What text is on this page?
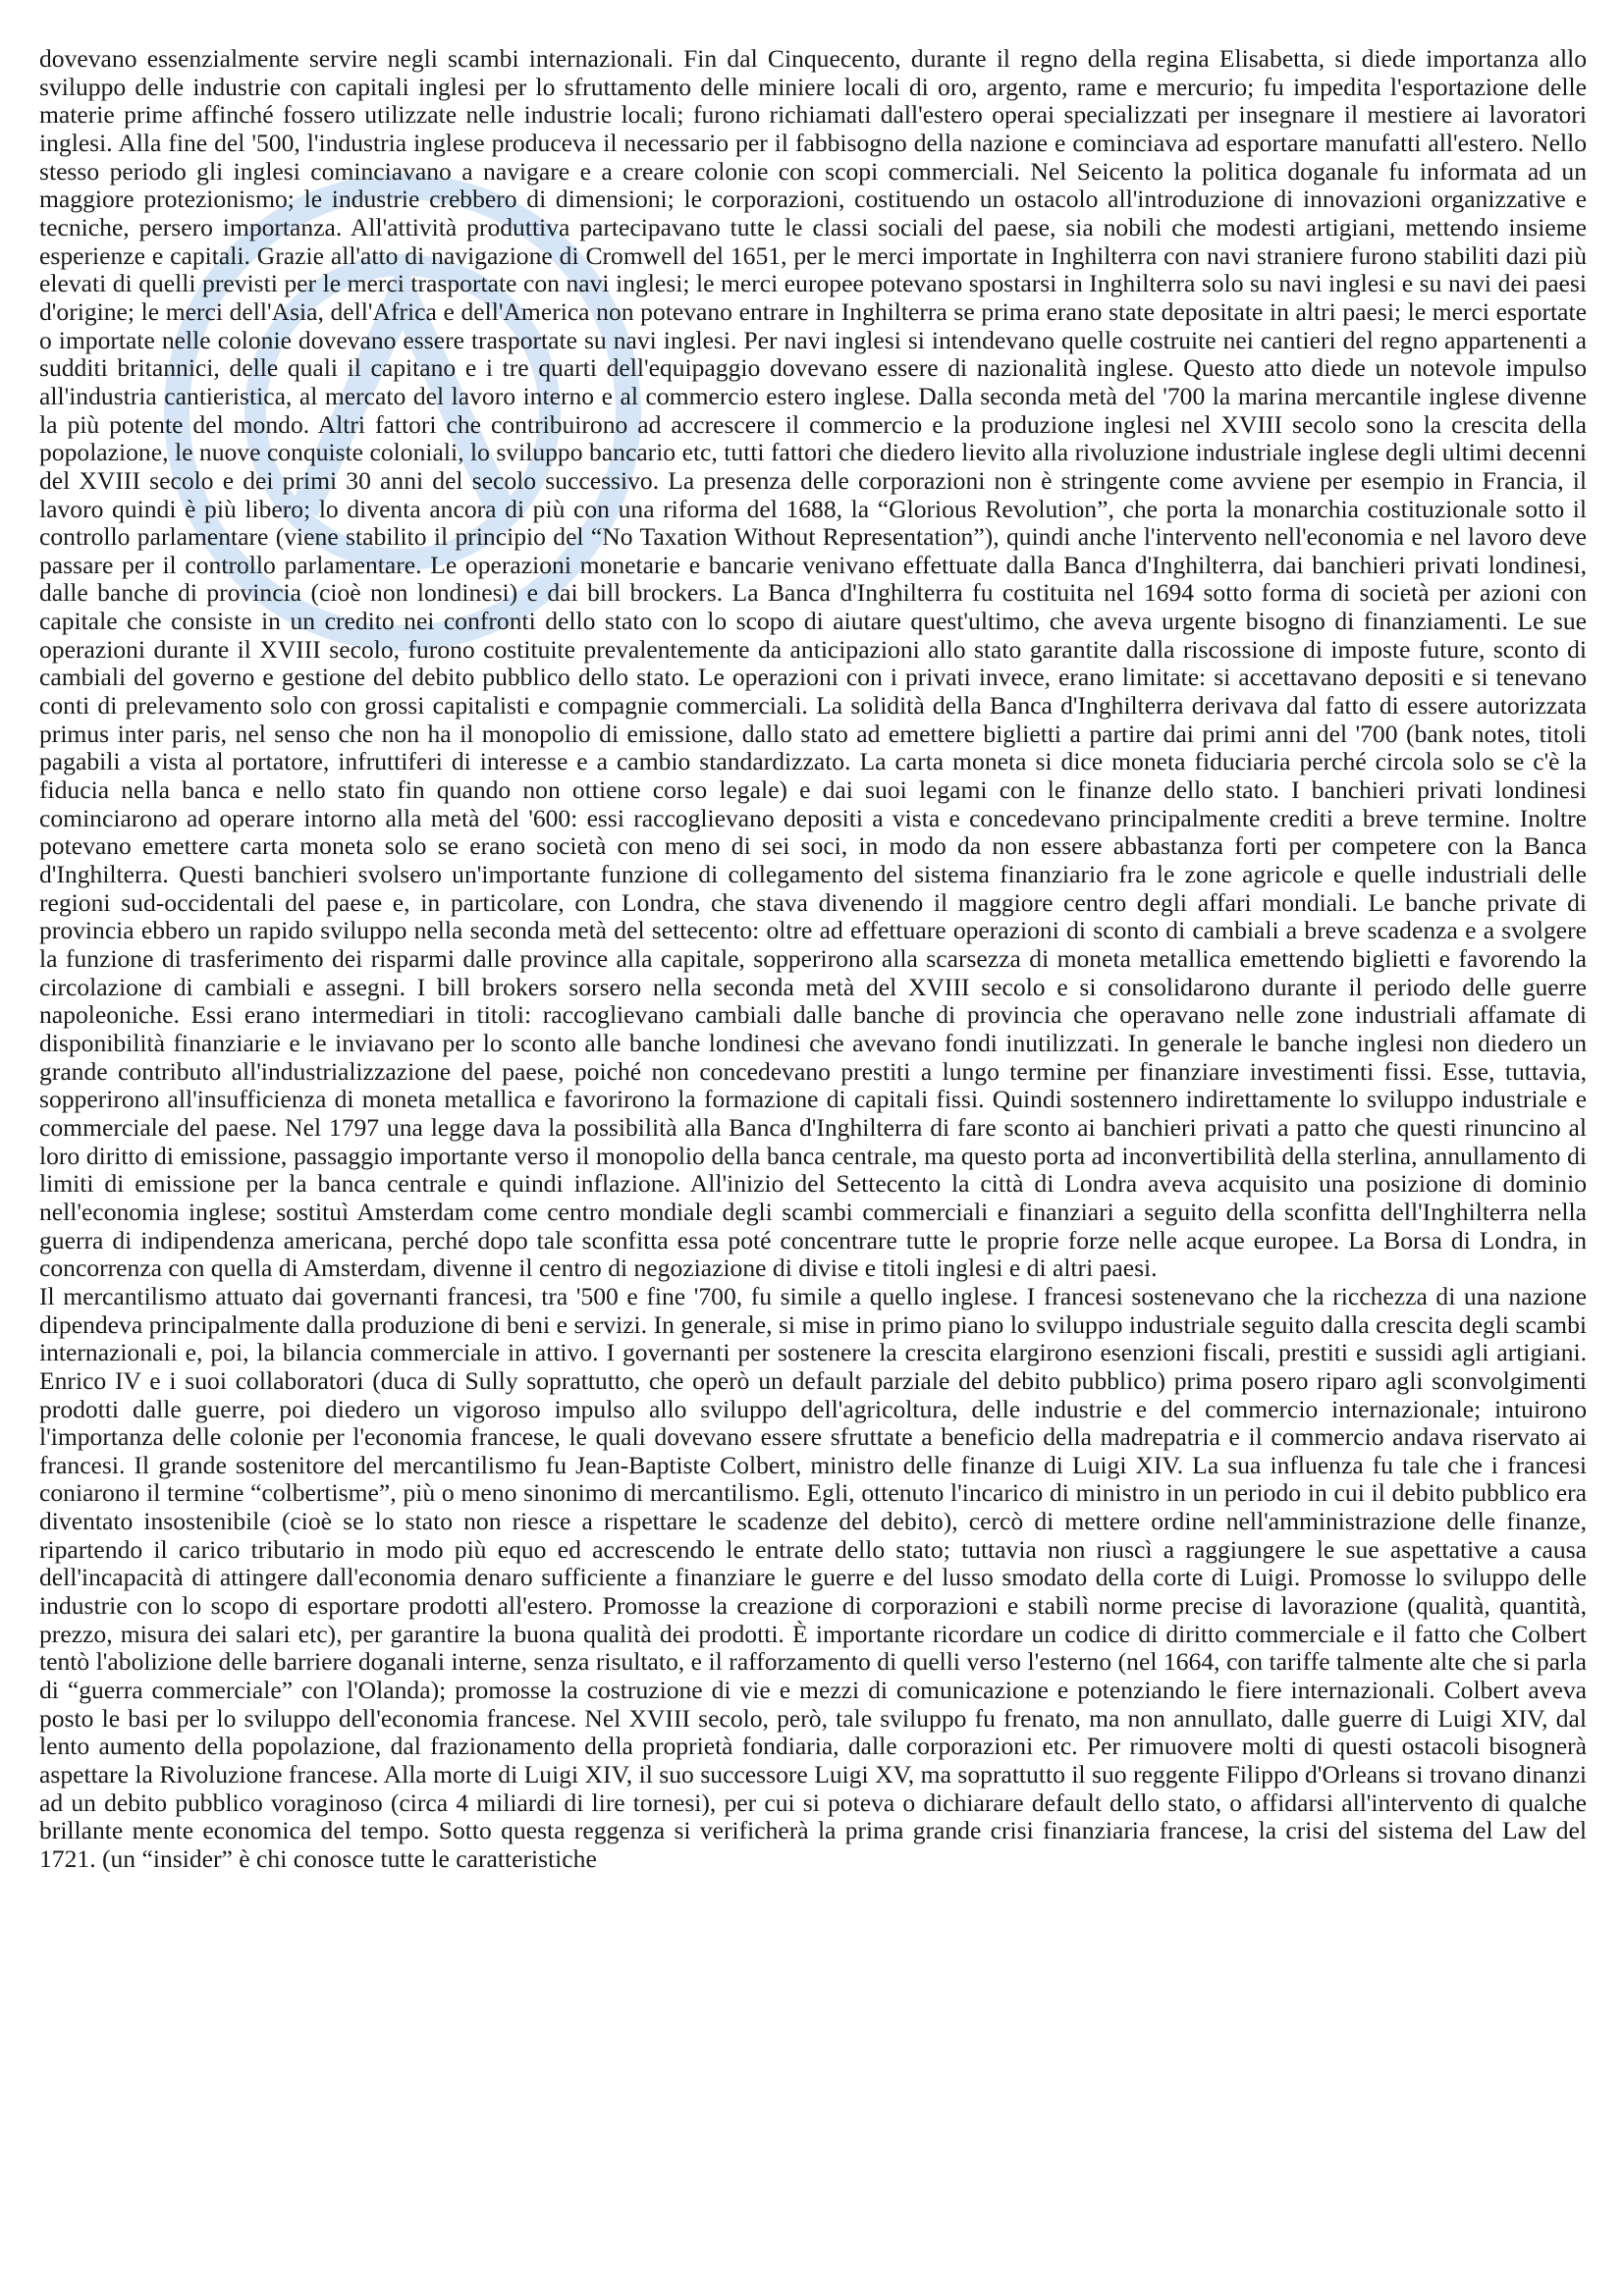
dovevano essenzialmente servire negli scambi internazionali. Fin dal Cinquecento, durante il regno della regina Elisabetta, si diede importanza allo sviluppo delle industrie con capitali inglesi per lo sfruttamento delle miniere locali di oro, argento, rame e mercurio; fu impedita l'esportazione delle materie prime affinché fossero utilizzate nelle industrie locali; furono richiamati dall'estero operai specializzati per insegnare il mestiere ai lavoratori inglesi. Alla fine del '500, l'industria inglese produceva il necessario per il fabbisogno della nazione e cominciava ad esportare manufatti all'estero. Nello stesso periodo gli inglesi cominciavano a navigare e a creare colonie con scopi commerciali. Nel Seicento la politica doganale fu informata ad un maggiore protezionismo; le industrie crebbero di dimensioni; le corporazioni, costituendo un ostacolo all'introduzione di innovazioni organizzative e tecniche, persero importanza. All'attività produttiva partecipavano tutte le classi sociali del paese, sia nobili che modesti artigiani, mettendo insieme esperienze e capitali. Grazie all'atto di navigazione di Cromwell del 1651, per le merci importate in Inghilterra con navi straniere furono stabiliti dazi più elevati di quelli previsti per le merci trasportate con navi inglesi; le merci europee potevano spostarsi in Inghilterra solo su navi inglesi e su navi dei paesi d'origine; le merci dell'Asia, dell'Africa e dell'America non potevano entrare in Inghilterra se prima erano state depositate in altri paesi; le merci esportate o importate nelle colonie dovevano essere trasportate su navi inglesi. Per navi inglesi si intendevano quelle costruite nei cantieri del regno appartenenti a sudditi britannici, delle quali il capitano e i tre quarti dell'equipaggio dovevano essere di nazionalità inglese. Questo atto diede un notevole impulso all'industria cantieristica, al mercato del lavoro interno e al commercio estero inglese. Dalla seconda metà del '700 la marina mercantile inglese divenne la più potente del mondo. Altri fattori che contribuirono ad accrescere il commercio e la produzione inglesi nel XVIII secolo sono la crescita della popolazione, le nuove conquiste coloniali, lo sviluppo bancario etc, tutti fattori che diedero lievito alla rivoluzione industriale inglese degli ultimi decenni del XVIII secolo e dei primi 30 anni del secolo successivo. La presenza delle corporazioni non è stringente come avviene per esempio in Francia, il lavoro quindi è più libero; lo diventa ancora di più con una riforma del 1688, la “Glorious Revolution”, che porta la monarchia costituzionale sotto il controllo parlamentare (viene stabilito il principio del “No Taxation Without Representation”), quindi anche l'intervento nell'economia e nel lavoro deve passare per il controllo parlamentare. Le operazioni monetarie e bancarie venivano effettuate dalla Banca d'Inghilterra, dai banchieri privati londinesi, dalle banche di provincia (cioè non londinesi) e dai bill brockers. La Banca d'Inghilterra fu costituita nel 1694 sotto forma di società per azioni con capitale che consiste in un credito nei confronti dello stato con lo scopo di aiutare quest'ultimo, che aveva urgente bisogno di finanziamenti. Le sue operazioni durante il XVIII secolo, furono costituite prevalentemente da anticipazioni allo stato garantite dalla riscossione di imposte future, sconto di cambiali del governo e gestione del debito pubblico dello stato. Le operazioni con i privati invece, erano limitate: si accettavano depositi e si tenevano conti di prelevamento solo con grossi capitalisti e compagnie commerciali. La solidità della Banca d'Inghilterra derivava dal fatto di essere autorizzata primus inter paris, nel senso che non ha il monopolio di emissione, dallo stato ad emettere biglietti a partire dai primi anni del '700 (bank notes, titoli pagabili a vista al portatore, infruttiferi di interesse e a cambio standardizzato. La carta moneta si dice moneta fiduciaria perché circola solo se c'è la fiducia nella banca e nello stato fin quando non ottiene corso legale) e dai suoi legami con le finanze dello stato. I banchieri privati londinesi cominciarono ad operare intorno alla metà del '600: essi raccoglievano depositi a vista e concedevano principalmente crediti a breve termine. Inoltre potevano emettere carta moneta solo se erano società con meno di sei soci, in modo da non essere abbastanza forti per competere con la Banca d'Inghilterra. Questi banchieri svolsero un'importante funzione di collegamento del sistema finanziario fra le zone agricole e quelle industriali delle regioni sud-occidentali del paese e, in particolare, con Londra, che stava divenendo il maggiore centro degli affari mondiali. Le banche private di provincia ebbero un rapido sviluppo nella seconda metà del settecento: oltre ad effettuare operazioni di sconto di cambiali a breve scadenza e a svolgere la funzione di trasferimento dei risparmi dalle province alla capitale, sopperirono alla scarsezza di moneta metallica emettendo biglietti e favorendo la circolazione di cambiali e assegni. I bill brokers sorsero nella seconda metà del XVIII secolo e si consolidarono durante il periodo delle guerre napoleoniche. Essi erano intermediari in titoli: raccoglievano cambiali dalle banche di provincia che operavano nelle zone industriali affamate di disponibilità finanziarie e le inviavano per lo sconto alle banche londinesi che avevano fondi inutilizzati. In generale le banche inglesi non diedero un grande contributo all'industrializzazione del paese, poiché non concedevano prestiti a lungo termine per finanziare investimenti fissi. Esse, tuttavia, sopperirono all'insufficienza di moneta metallica e favorirono la formazione di capitali fissi. Quindi sostennero indirettamente lo sviluppo industriale e commerciale del paese. Nel 1797 una legge dava la possibilità alla Banca d'Inghilterra di fare sconto ai banchieri privati a patto che questi rinuncino al loro diritto di emissione, passaggio importante verso il monopolio della banca centrale, ma questo porta ad inconvertibilità della sterlina, annullamento di limiti di emissione per la banca centrale e quindi inflazione. All'inizio del Settecento la città di Londra aveva acquisito una posizione di dominio nell'economia inglese; sostituì Amsterdam come centro mondiale degli scambi commerciali e finanziari a seguito della sconfitta dell'Inghilterra nella guerra di indipendenza americana, perché dopo tale sconfitta essa poté concentrare tutte le proprie forze nelle acque europee. La Borsa di Londra, in concorrenza con quella di Amsterdam, divenne il centro di negoziazione di divise e titoli inglesi e di altri paesi.

Il mercantilismo attuato dai governanti francesi, tra '500 e fine '700, fu simile a quello inglese. I francesi sostenevano che la ricchezza di una nazione dipendeva principalmente dalla produzione di beni e servizi. In generale, si mise in primo piano lo sviluppo industriale seguito dalla crescita degli scambi internazionali e, poi, la bilancia commerciale in attivo. I governanti per sostenere la crescita elargirono esenzioni fiscali, prestiti e sussidi agli artigiani. Enrico IV e i suoi collaboratori (duca di Sully soprattutto, che operò un default parziale del debito pubblico) prima posero riparo agli sconvolgimenti prodotti dalle guerre, poi diedero un vigoroso impulso allo sviluppo dell'agricoltura, delle industrie e del commercio internazionale; intuirono l'importanza delle colonie per l'economia francese, le quali dovevano essere sfruttate a beneficio della madrepatria e il commercio andava riservato ai francesi. Il grande sostenitore del mercantilismo fu Jean-Baptiste Colbert, ministro delle finanze di Luigi XIV. La sua influenza fu tale che i francesi coniarono il termine “colbertisme”, più o meno sinonimo di mercantilismo. Egli, ottenuto l'incarico di ministro in un periodo in cui il debito pubblico era diventato insostenibile (cioè se lo stato non riesce a rispettare le scadenze del debito), cercò di mettere ordine nell'amministrazione delle finanze, ripartendo il carico tributario in modo più equo ed accrescendo le entrate dello stato; tuttavia non riuscì a raggiungere le sue aspettative a causa dell'incapacità di attingere dall'economia denaro sufficiente a finanziare le guerre e del lusso smodato della corte di Luigi. Promosse lo sviluppo delle industrie con lo scopo di esportare prodotti all'estero. Promosse la creazione di corporazioni e stabilì norme precise di lavorazione (qualità, quantità, prezzo, misura dei salari etc), per garantire la buona qualità dei prodotti. È importante ricordare un codice di diritto commerciale e il fatto che Colbert tentò l'abolizione delle barriere doganali interne, senza risultato, e il rafforzamento di quelli verso l'esterno (nel 1664, con tariffe talmente alte che si parla di “guerra commerciale” con l'Olanda); promosse la costruzione di vie e mezzi di comunicazione e potenziando le fiere internazionali. Colbert aveva posto le basi per lo sviluppo dell'economia francese. Nel XVIII secolo, però, tale sviluppo fu frenato, ma non annullato, dalle guerre di Luigi XIV, dal lento aumento della popolazione, dal frazionamento della proprietà fondiaria, dalle corporazioni etc. Per rimuovere molti di questi ostacoli bisognerà aspettare la Rivoluzione francese. Alla morte di Luigi XIV, il suo successore Luigi XV, ma soprattutto il suo reggente Filippo d'Orleans si trovano dinanzi ad un debito pubblico voraginoso (circa 4 miliardi di lire tornesi), per cui si poteva o dichiarare default dello stato, o affidarsi all'intervento di qualche brillante mente economica del tempo. Sotto questa reggenza si verificherà la prima grande crisi finanziaria francese, la crisi del sistema del Law del 1721. (un “insider” è chi conosce tutte le caratteristiche
